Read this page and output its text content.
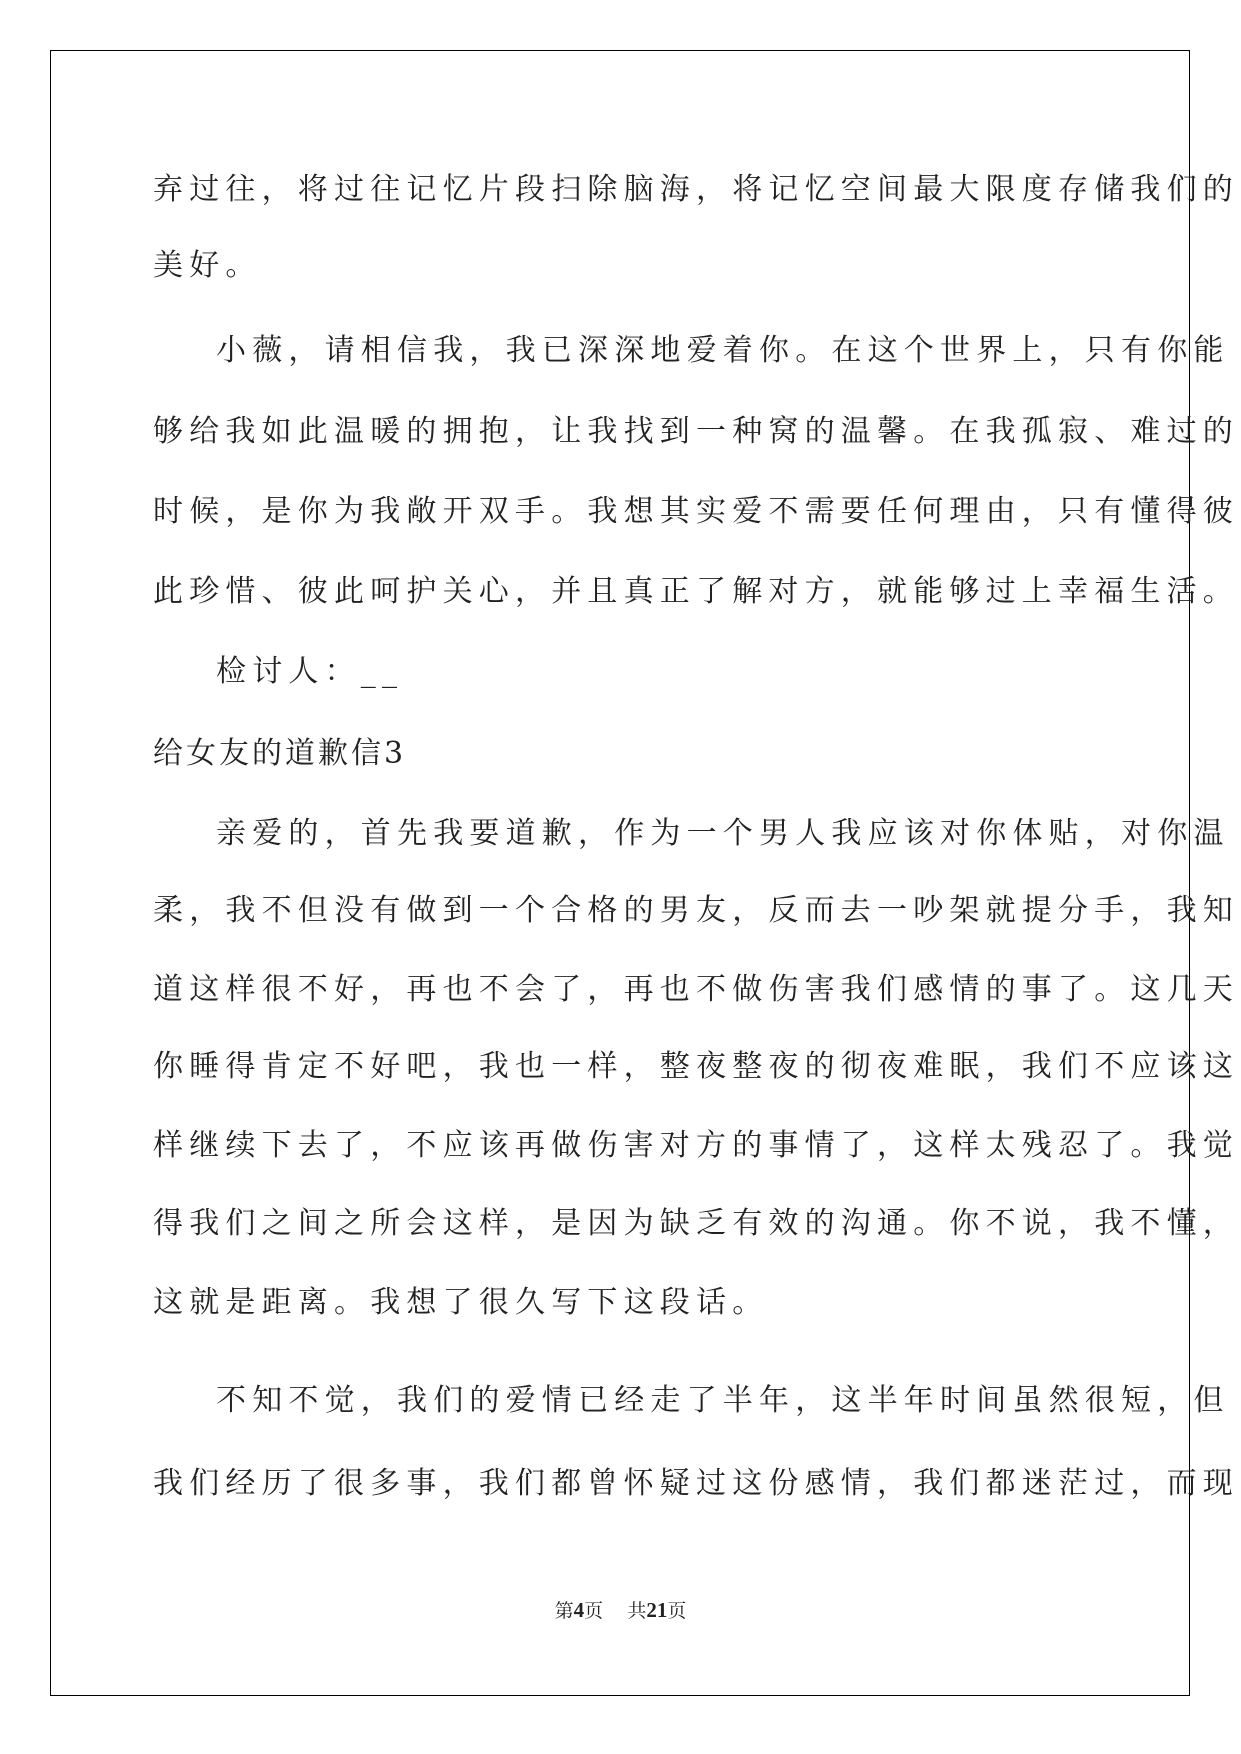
弃过往，将过往记忆片段扫除脑海，将记忆空间最大限度存储我们的
美好。
小薇，请相信我，我已深深地爱着你。在这个世界上，只有你能
够给我如此温暖的拥抱，让我找到一种窝的温馨。在我孤寂、难过的
时候，是你为我敞开双手。我想其实爱不需要任何理由，只有懂得彼
此珍惜、彼此呵护关心，并且真正了解对方，就能够过上幸福生活。
检讨人：__
给女友的道歉信3
亲爱的，首先我要道歉，作为一个男人我应该对你体贴，对你温
柔，我不但没有做到一个合格的男友，反而去一吵架就提分手，我知
道这样很不好，再也不会了，再也不做伤害我们感情的事了。这几天
你睡得肯定不好吧，我也一样，整夜整夜的彻夜难眠，我们不应该这
样继续下去了，不应该再做伤害对方的事情了，这样太残忍了。我觉
得我们之间之所会这样，是因为缺乏有效的沟通。你不说，我不懂，
这就是距离。我想了很久写下这段话。
不知不觉，我们的爱情已经走了半年，这半年时间虽然很短，但
我们经历了很多事，我们都曾怀疑过这份感情，我们都迷茫过，而现
第4页 共21页
